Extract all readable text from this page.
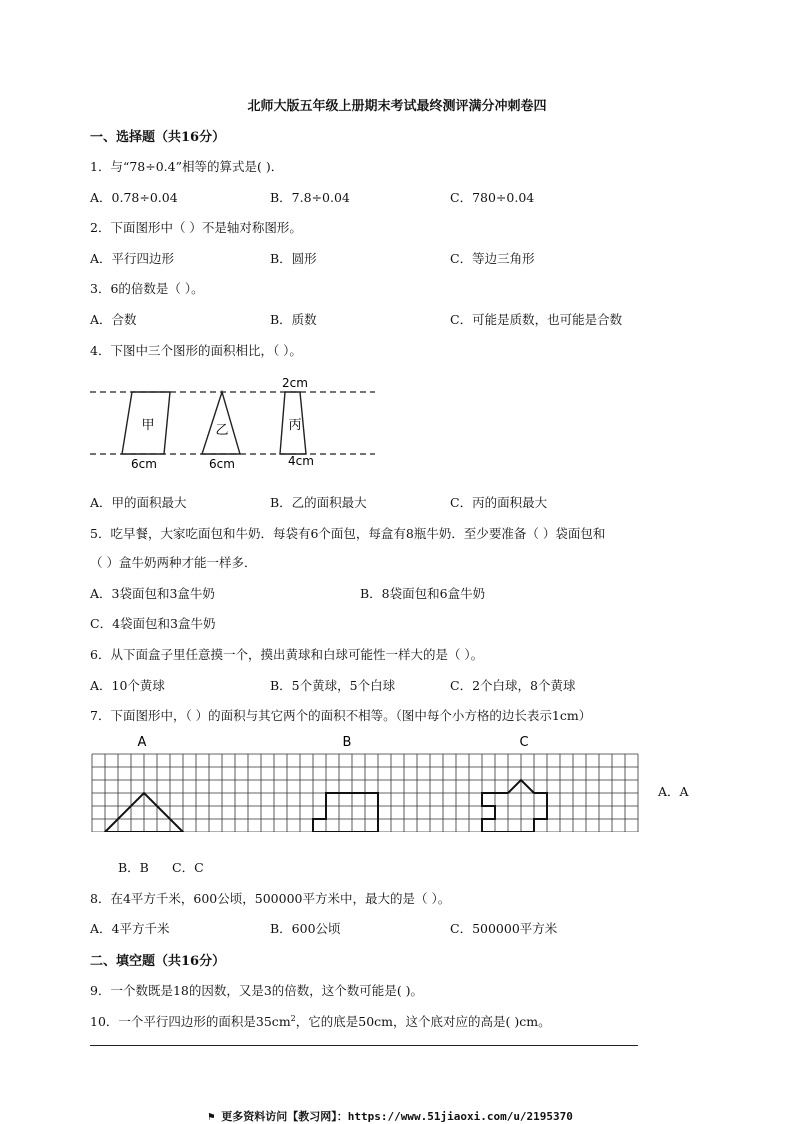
北师大版五年级上册期末考试最终测评满分冲刺卷四
一、选择题（共16分）
1．与“78÷0.4”相等的算式是( )．
A．0.78÷0.04	B．7.8÷0.04	C．780÷0.04
2．下面图形中（ ）不是轴对称图形。
A．平行四边形	B．圆形	C．等边三角形
3．6的倍数是（ ）。
A．合数	B．质数	C．可能是质数，也可能是合数
4．下图中三个图形的面积相比，（ ）。
2cm
甲	乙	丙
6cm	6cm	4cm
A．甲的面积最大	B．乙的面积最大	C．丙的面积最大
5．吃早餐，大家吃面包和牛奶．每袋有6个面包，每盒有8瓶牛奶．至少要准备（ ）袋面包和
（ ）盒牛奶两种才能一样多．
A．3袋面包和3盒牛奶	B．8袋面包和6盒牛奶
C．4袋面包和3盒牛奶
6．从下面盒子里任意摸一个，摸出黄球和白球可能性一样大的是（ ）。
A．10个黄球	B．5个黄球，5个白球	C．2个白球，8个黄球
7．下面图形中，（ ）的面积与其它两个的面积不相等。（图中每个小方格的边长表示1cm）
A	B	C
A．A
B．B C．C
8．在4平方千米，600公顷，500000平方米中，最大的是（ ）。
A．4平方千米	B．600公顷	C．500000平方米
二、填空题（共16分）
9．一个数既是18的因数，又是3的倍数，这个数可能是( )。
10．一个平行四边形的面积是$35cm^2$，它的底是50cm，这个底对应的高是( )cm。
⚑ 更多资料访问【教习网】：https://www.51jiaoxi.com/u/2195370
